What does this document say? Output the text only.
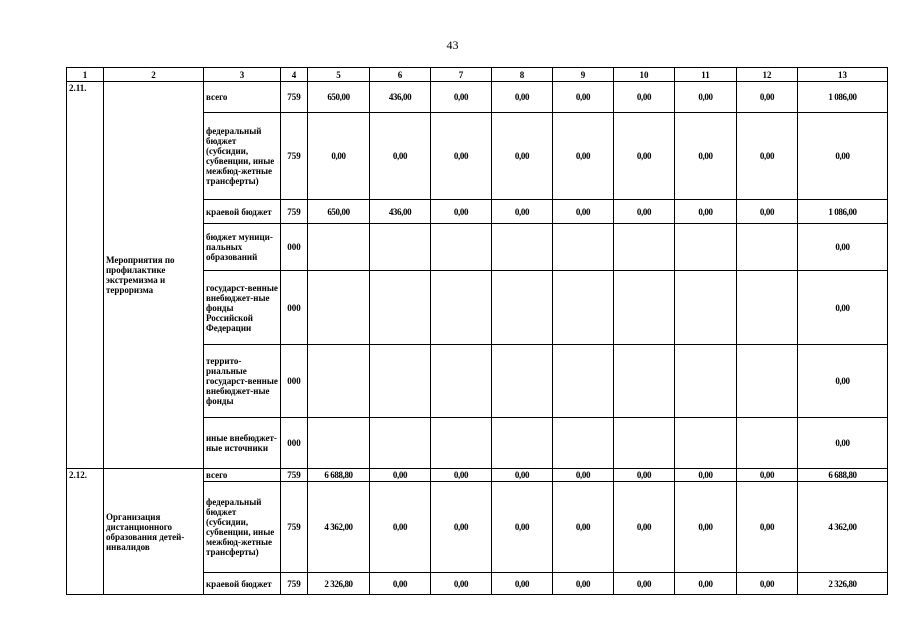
43
1	2	3	4	5	6	7	8	9	10	11	12	13
2.11.	Мероприятия по профилактике экстремизма и терроризма	всего	759	650,00	436,00	0,00	0,00	0,00	0,00	0,00	0,00	1 086,00
		федеральный бюджет (субсидии, субвенции, иные межбюд-жетные трансферты)	759	0,00	0,00	0,00	0,00	0,00	0,00	0,00	0,00	0,00
		краевой бюджет	759	650,00	436,00	0,00	0,00	0,00	0,00	0,00	0,00	1 086,00
		бюджет муници-пальных образований	000									0,00
		государст-венные внебюджет-ные фонды Российской Федерации	000									0,00
		террито-риальные государст-венные внебюджет-ные фонды	000									0,00
		иные внебюджет-ные источники	000									0,00
2.12.	Организация дистанционного образования детей-инвалидов	всего	759	6 688,80	0,00	0,00	0,00	0,00	0,00	0,00	0,00	6 688,80
		федеральный бюджет (субсидии, субвенции, иные межбюд-жетные трансферты)	759	4 362,00	0,00	0,00	0,00	0,00	0,00	0,00	0,00	4 362,00
		краевой бюджет	759	2 326,80	0,00	0,00	0,00	0,00	0,00	0,00	0,00	2 326,80
